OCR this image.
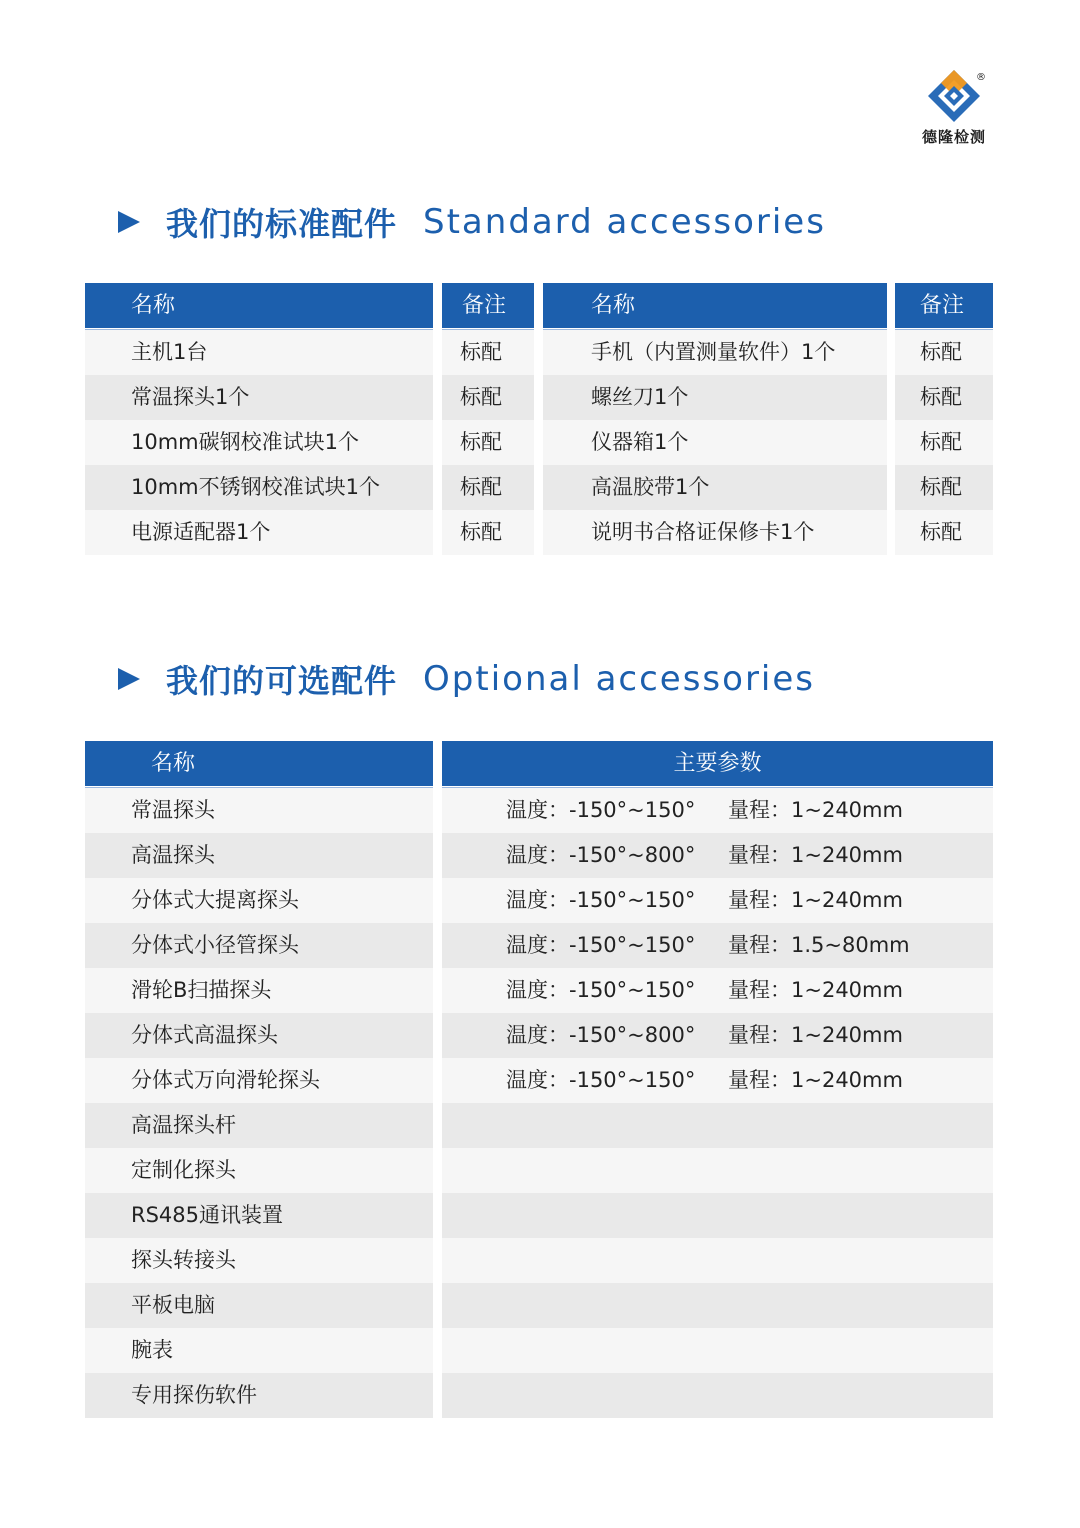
®
德隆检测
我们的标准配件 Standard accessories
名称	备注	名称	备注
主机1台	标配	手机（内置测量软件）1个	标配
常温探头1个	标配	螺丝刀1个	标配
10mm碳钢校准试块1个	标配	仪器箱1个	标配
10mm不锈钢校准试块1个	标配	高温胶带1个	标配
电源适配器1个	标配	说明书合格证保修卡1个	标配
我们的可选配件 Optional accessories
名称	主要参数
常温探头	温度：-150°~150° 量程：1~240mm
高温探头	温度：-150°~800° 量程：1~240mm
分体式大提离探头	温度：-150°~150° 量程：1~240mm
分体式小径管探头	温度：-150°~150° 量程：1.5~80mm
滑轮B扫描探头	温度：-150°~150° 量程：1~240mm
分体式高温探头	温度：-150°~800° 量程：1~240mm
分体式万向滑轮探头	温度：-150°~150° 量程：1~240mm
高温探头杆
定制化探头
RS485通讯装置
探头转接头
平板电脑
腕表
专用探伤软件
